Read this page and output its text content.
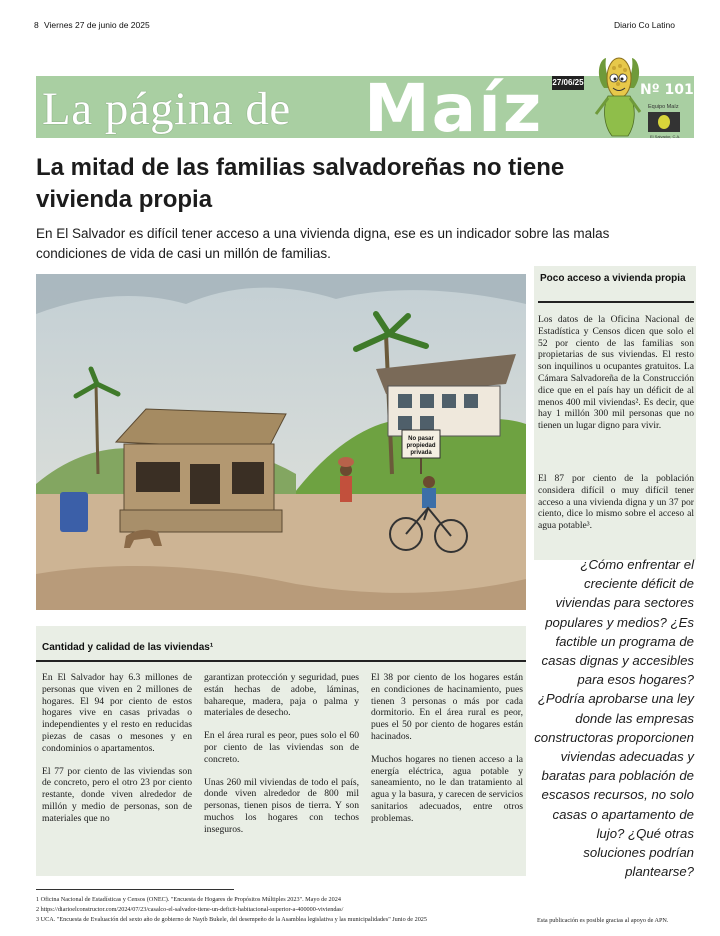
8 Viernes 27 de junio de 2025	Diario Co Latino
La página de Maíz 27/06/25	Nº 1018
Equipo Maíz
El Salvador, C.A.
La mitad de las familias salvadoreñas no tiene vivienda propia
En El Salvador es difícil tener acceso a una vivienda digna, ese es un indicador sobre las malas condiciones de vida de casi un millón de familias.
No pasar
propiedad
privada
Poco acceso a vivienda propia
Los datos de la Oficina Nacional de Estadística y Censos dicen que solo el 52 por ciento de las familias son propietarias de sus viviendas. El resto son inquilinos u ocupantes gratuitos. La Cámara Salvadoreña de la Construcción dice que en el país hay un déficit de al menos 400 mil viviendas². Es decir, que hay 1 millón 300 mil personas que no tienen un lugar digno para vivir.
El 87 por ciento de la población considera difícil o muy difícil tener acceso a una vivienda digna y un 37 por ciento, dice lo mismo sobre el acceso al agua potable³.
¿Cómo enfrentar el creciente déficit de viviendas para sectores populares y medios? ¿Es factible un programa de casas dignas y accesibles para esos hogares? ¿Podría aprobarse una ley donde las empresas constructoras proporcionen viviendas adecuadas y baratas para población de escasos recursos, no solo casas o apartamento de lujo? ¿Qué otras soluciones podrían plantearse?
Cantidad y calidad de las viviendas¹
En El Salvador hay 6.3 millones de personas que viven en 2 millones de hogares. El 94 por ciento de estos hogares vive en casas privadas o independientes y el resto en reducidas piezas de casas o mesones y en condominios o apartamentos.
El 77 por ciento de las viviendas son de concreto, pero el otro 23 por ciento restante, donde viven alrededor de millón y medio de personas, son de materiales que no
garantizan protección y seguridad, pues están hechas de adobe, láminas, bahareque, madera, paja o palma y materiales de desecho.
En el área rural es peor, pues solo el 60 por ciento de las viviendas son de concreto.
Unas 260 mil viviendas de todo el país, donde viven alrededor de 800 mil personas, tienen pisos de tierra. Y son muchos los hogares con techos inseguros.
El 38 por ciento de los hogares están en condiciones de hacinamiento, pues tienen 3 personas o más por cada dormitorio. En el área rural es peor, pues el 50 por ciento de hogares están hacinados.
Muchos hogares no tienen acceso a la energía eléctrica, agua potable y saneamiento, no le dan tratamiento al agua y la basura, y carecen de servicios sanitarios adecuados, entre otros problemas.
1 Oficina Nacional de Estadísticas y Censos (ONEC). "Encuesta de Hogares de Propósitos Múltiples 2023". Mayo de 2024
2 https://diarioelconstructor.com/2024/07/23/casalco-el-salvador-tiene-un-deficit-habitacional-superior-a-400000-viviendas/
3 UCA. "Encuesta de Evaluación del sexto año de gobierno de Nayib Bukele, del desempeño de la Asamblea legislativa y las municipalidades" Junio de 2025	Esta publicación es posible gracias al apoyo de APN.
